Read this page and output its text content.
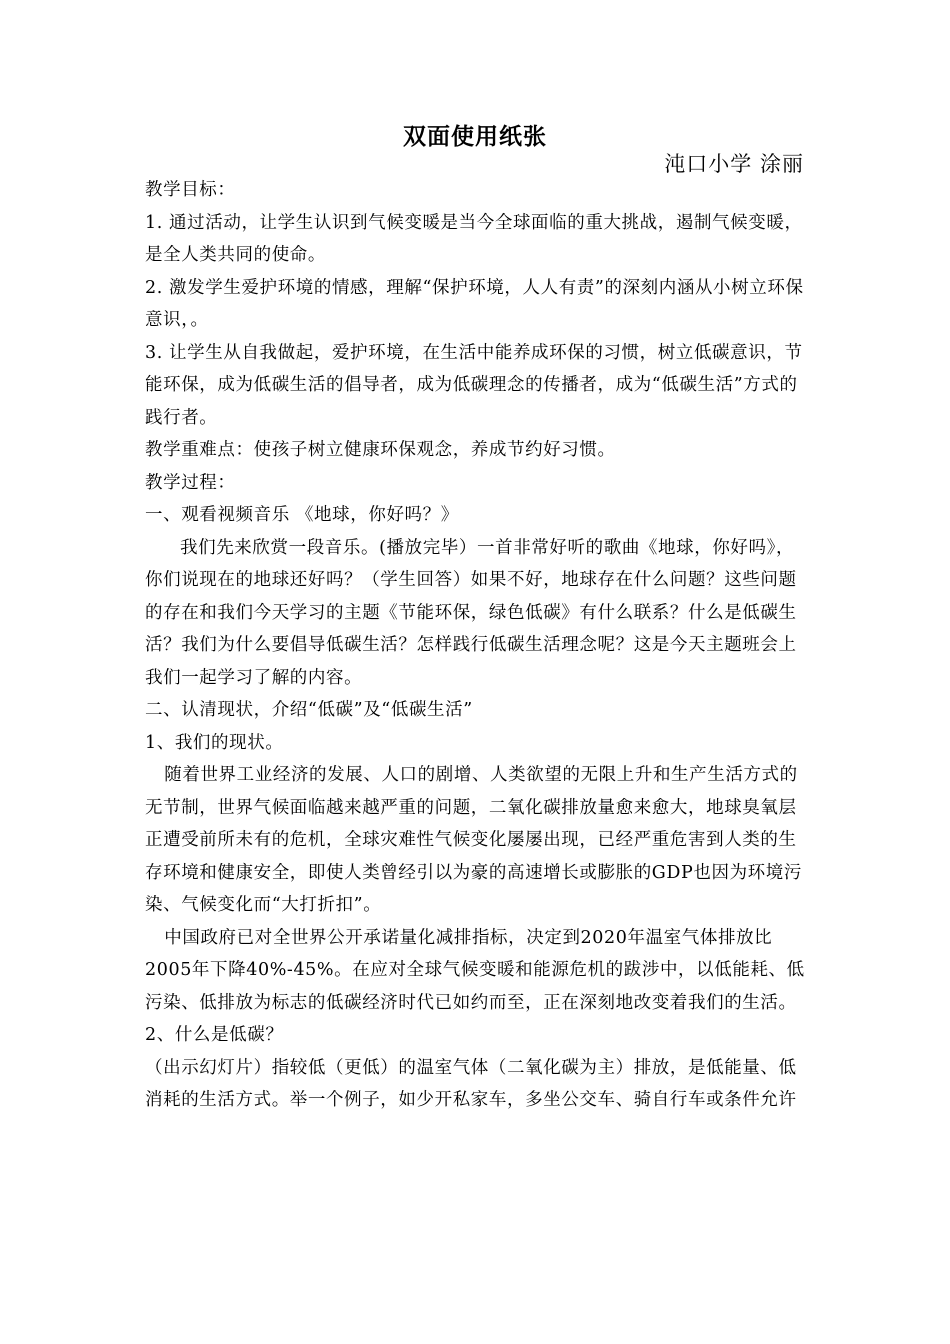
双面使用纸张
沌口小学 涂丽

教学目标：

1. 通过活动，让学生认识到气候变暖是当今全球面临的重大挑战，遏制气候变暖，是全人类共同的使命。

2. 激发学生爱护环境的情感，理解“保护环境，人人有责”的深刻内涵从小树立环保意识，。

3. 让学生从自我做起，爱护环境，在生活中能养成环保的习惯，树立低碳意识，节能环保，成为低碳生活的倡导者，成为低碳理念的传播者，成为“低碳生活”方式的践行者。

教学重难点：使孩子树立健康环保观念，养成节约好习惯。

教学过程：

一、观看视频音乐 《地球，你好吗？》

我们先来欣赏一段音乐。(播放完毕）一首非常好听的歌曲《地球，你好吗》，你们说现在的地球还好吗？（学生回答）如果不好，地球存在什么问题？这些问题的存在和我们今天学习的主题《节能环保，绿色低碳》有什么联系？什么是低碳生活？我们为什么要倡导低碳生活？怎样践行低碳生活理念呢？这是今天主题班会上我们一起学习了解的内容。

二、认清现状，介绍“低碳”及“低碳生活”

1、我们的现状。

随着世界工业经济的发展、人口的剧增、人类欲望的无限上升和生产生活方式的无节制，世界气候面临越来越严重的问题，二氧化碳排放量愈来愈大，地球臭氧层正遭受前所未有的危机，全球灾难性气候变化屡屡出现，已经严重危害到人类的生存环境和健康安全，即使人类曾经引以为豪的高速增长或膨胀的GDP也因为环境污染、气候变化而“大打折扣”。

中国政府已对全世界公开承诺量化减排指标，决定到2020年温室气体排放比2005年下降40%-45%。在应对全球气候变暖和能源危机的跋涉中，以低能耗、低污染、低排放为标志的低碳经济时代已如约而至，正在深刻地改变着我们的生活。

2、什么是低碳？

（出示幻灯片）指较低（更低）的温室气体（二氧化碳为主）排放，是低能量、低消耗的生活方式。举一个例子，如少开私家车，多坐公交车、骑自行车或条件允许
